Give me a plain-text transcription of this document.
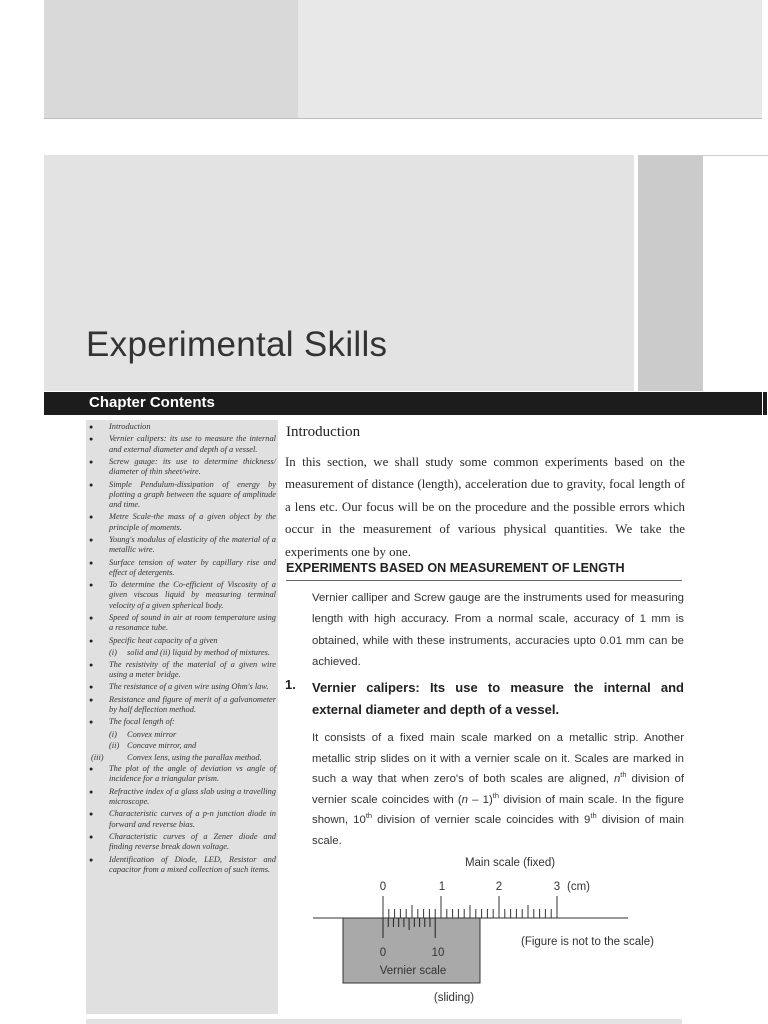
Experimental Skills
Chapter Contents
● Introduction
● Vernier calipers: its use to measure the internal and external diameter and depth of a vessel.
● Screw gauge: its use to determine thickness/ diameter of thin sheet/wire.
● Simple Pendulum-dissipation of energy by plotting a graph between the square of amplitude and time.
● Metre Scale-the mass of a given object by the principle of moments.
● Young's modulus of elasticity of the material of a metallic wire.
● Surface tension of water by capillary rise and effect of detergents.
● To determine the Co-efficient of Viscosity of a given viscous liquid by measuring terminal velocity of a given spherical body.
● Speed of sound in air at room temperature using a resonance tube.
● Specific heat capacity of a given
(i) solid and (ii) liquid by method of mixtures.
● The resistivity of the material of a given wire using a meter bridge.
● The resistance of a given wire using Ohm's law.
● Resistance and figure of merit of a galvanometer by half deflection method.
● The focal length of:
(i) Convex mirror
(ii) Concave mirror, and
(iii)	Convex lens, using the parallax method.
● The plot of the angle of deviation vs angle of incidence for a triangular prism.
● Refractive index of a glass slab using a travelling microscope.
● Characteristic curves of a p-n junction diode in forward and reverse bias.
● Characteristic curves of a Zener diode and finding reverse break down voltage.
● Identification of Diode, LED, Resistor and capacitor from a mixed collection of such items.
Introduction
In this section, we shall study some common experiments based on the measurement of distance (length), acceleration due to gravity, focal length of a lens etc. Our focus will be on the procedure and the possible errors which occur in the measurement of various physical quantities. We take the experiments one by one.
EXPERIMENTS BASED ON MEASUREMENT OF LENGTH
Vernier calliper and Screw gauge are the instruments used for measuring length with high accuracy. From a normal scale, accuracy of 1 mm is obtained, while with these instruments, accuracies upto 0.01 mm can be achieved.
1. Vernier calipers: Its use to measure the internal and external diameter and depth of a vessel.
It consists of a fixed main scale marked on a metallic strip. Another metallic strip slides on it with a vernier scale on it. Scales are marked in such a way that when zero's of both scales are aligned, $n^{th}$ division of vernier scale coincides with (n – 1)$^{th}$ division of main scale. In the figure shown, 10th division of vernier scale coincides with 9th division of main scale.
Main scale (fixed)
0	1	2	3 (cm)
0	10
Vernier scale
(sliding)
(Figure is not to the scale)
